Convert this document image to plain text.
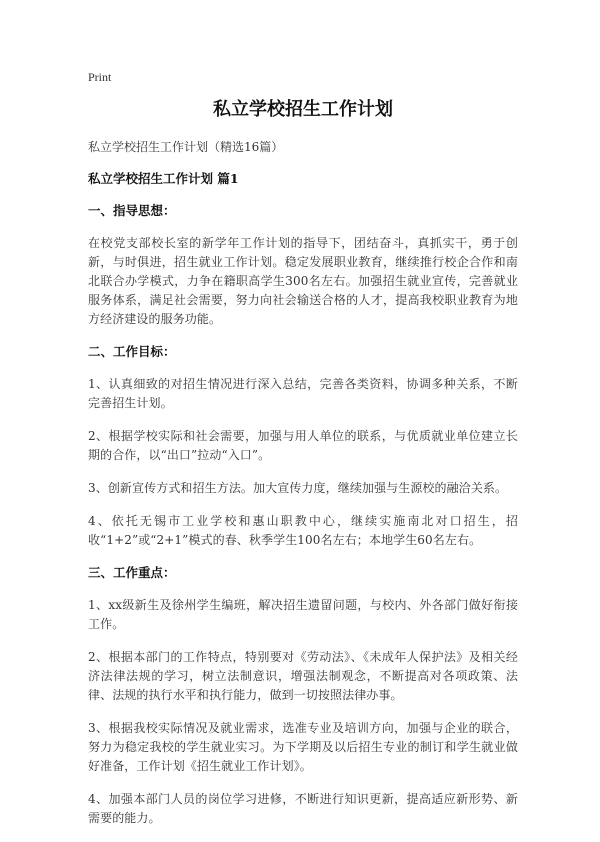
Print
私立学校招生工作计划

私立学校招生工作计划（精选16篇）

私立学校招生工作计划 篇1

一、指导思想：

在校党支部校长室的新学年工作计划的指导下，团结奋斗，真抓实干，勇于创新，与时俱进，招生就业工作计划。稳定发展职业教育，继续推行校企合作和南北联合办学模式，力争在籍职高学生300名左右。加强招生就业宣传，完善就业服务体系，满足社会需要，努力向社会输送合格的人才，提高我校职业教育为地方经济建设的服务功能。

二、工作目标：

1、认真细致的对招生情况进行深入总结，完善各类资料，协调多种关系，不断完善招生计划。

2、根据学校实际和社会需要，加强与用人单位的联系，与优质就业单位建立长期的合作，以“出口”拉动“入口”。

3、创新宣传方式和招生方法。加大宣传力度，继续加强与生源校的融洽关系。

4、依托无锡市工业学校和惠山职教中心，继续实施南北对口招生，招收“1+2”或“2+1”模式的春、秋季学生100名左右；本地学生60名左右。

三、工作重点：

1、xx级新生及徐州学生编班，解决招生遗留问题，与校内、外各部门做好衔接工作。

2、根据本部门的工作特点，特别要对《劳动法》、《未成年人保护法》及相关经济法律法规的学习，树立法制意识，增强法制观念，不断提高对各项政策、法律、法规的执行水平和执行能力，做到一切按照法律办事。

3、根据我校实际情况及就业需求，选准专业及培训方向，加强与企业的联合，努力为稳定我校的学生就业实习。为下学期及以后招生专业的制订和学生就业做好准备，工作计划《招生就业工作计划》。

4、加强本部门人员的岗位学习进修，不断进行知识更新，提高适应新形势、新需要的能力。
